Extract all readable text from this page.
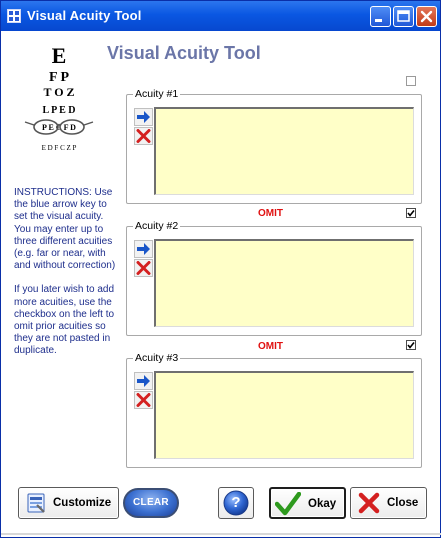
Visual Acuity Tool
E
F P
T O Z
L P E D
P E C F D
E D F C Z P
Visual Acuity Tool

INSTRUCTIONS: Use the blue arrow key to set the visual acuity. You may enter up to three different acuities (e.g. far or near, with and without correction)

If you later wish to add more acuities, use the checkbox on the left to omit prior acuities so they are not pasted in duplicate.

Acuity #1
OMIT
Acuity #2
OMIT
Acuity #3
Customize	CLEAR	?	Okay	Close
